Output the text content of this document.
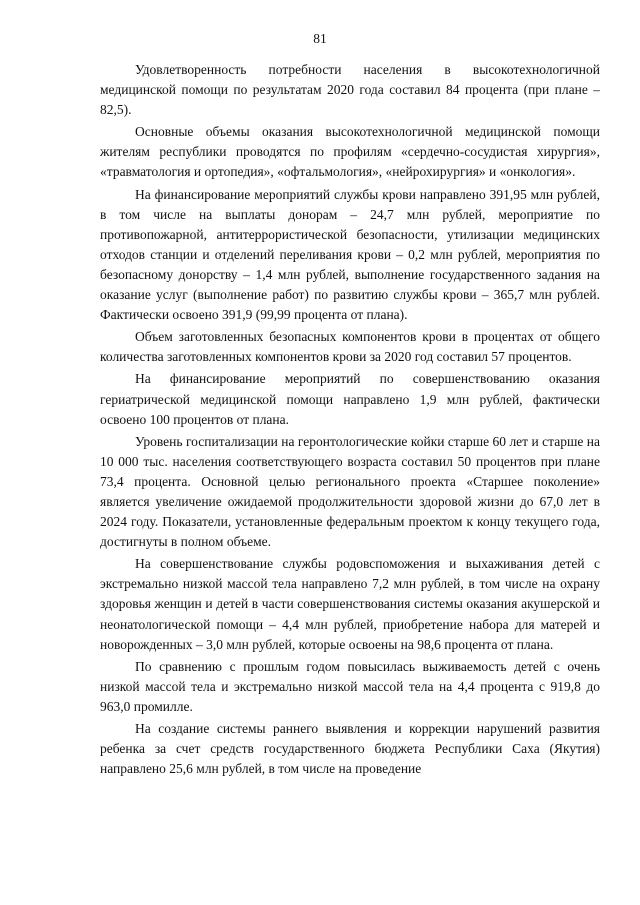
81

Удовлетворенность потребности населения в высокотехнологичной медицинской помощи по результатам 2020 года составил 84 процента (при плане – 82,5).

Основные объемы оказания высокотехнологичной медицинской помощи жителям республики проводятся по профилям «сердечно-сосудистая хирургия», «травматология и ортопедия», «офтальмология», «нейрохирургия» и «онкология».

На финансирование мероприятий службы крови направлено 391,95 млн рублей, в том числе на выплаты донорам – 24,7 млн рублей, мероприятие по противопожарной, антитеррористической безопасности, утилизации медицинских отходов станции и отделений переливания крови – 0,2 млн рублей, мероприятия по безопасному донорству – 1,4 млн рублей, выполнение государственного задания на оказание услуг (выполнение работ) по развитию службы крови – 365,7 млн рублей. Фактически освоено 391,9 (99,99 процента от плана).

Объем заготовленных безопасных компонентов крови в процентах от общего количества заготовленных компонентов крови за 2020 год составил 57 процентов.

На финансирование мероприятий по совершенствованию оказания гериатрической медицинской помощи направлено 1,9 млн рублей, фактически освоено 100 процентов от плана.

Уровень госпитализации на геронтологические койки старше 60 лет и старше на 10 000 тыс. населения соответствующего возраста составил 50 процентов при плане 73,4 процента. Основной целью регионального проекта «Старшее поколение» является увеличение ожидаемой продолжительности здоровой жизни до 67,0 лет в 2024 году. Показатели, установленные федеральным проектом к концу текущего года, достигнуты в полном объеме.

На совершенствование службы родовспоможения и выхаживания детей с экстремально низкой массой тела направлено 7,2 млн рублей, в том числе на охрану здоровья женщин и детей в части совершенствования системы оказания акушерской и неонатологической помощи – 4,4 млн рублей, приобретение набора для матерей и новорожденных – 3,0 млн рублей, которые освоены на 98,6 процента от плана.

По сравнению с прошлым годом повысилась выживаемость детей с очень низкой массой тела и экстремально низкой массой тела на 4,4 процента с 919,8 до 963,0 промилле.

На создание системы раннего выявления и коррекции нарушений развития ребенка за счет средств государственного бюджета Республики Саха (Якутия) направлено 25,6 млн рублей, в том числе на проведение
